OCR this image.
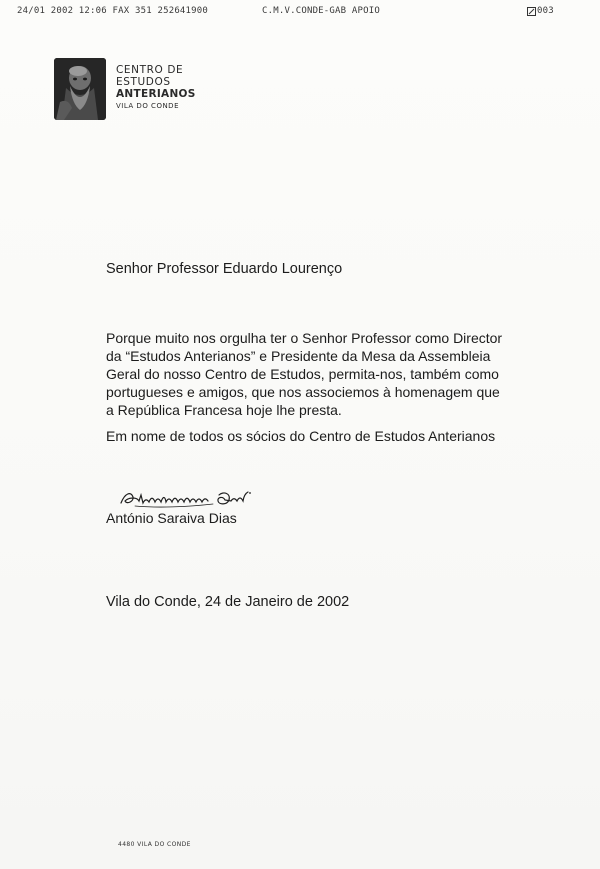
24/01 2002 12:06 FAX 351 252641900	C.M.V.CONDE-GAB APOIO	003
CENTRO DE
ESTUDOS
ANTERIANOS
VILA DO CONDE
Senhor Professor Eduardo Lourenço
Porque muito nos orgulha ter o Senhor Professor como Director
da “Estudos Anterianos” e Presidente da Mesa da Assembleia
Geral do nosso Centro de Estudos, permita-nos, também como
portugueses e amigos, que nos associemos à homenagem que
a República Francesa hoje lhe presta.
Em nome de todos os sócios do Centro de Estudos Anterianos
António Saraiva Dias
Vila do Conde, 24 de Janeiro de 2002
4480 VILA DO CONDE
